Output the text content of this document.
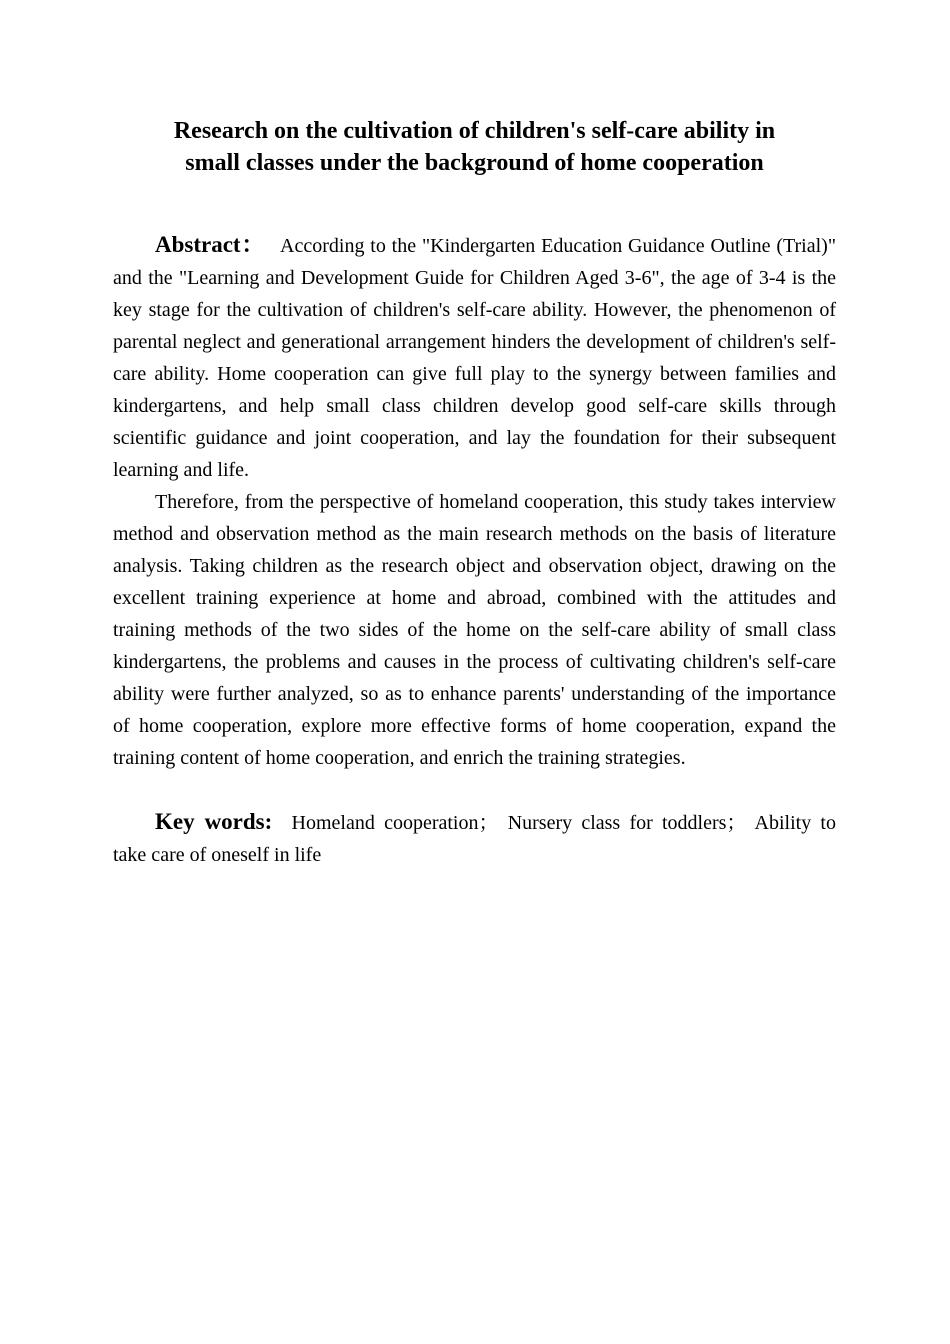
Research on the cultivation of children's self-care ability in
small classes under the background of home cooperation

Abstract： According to the "Kindergarten Education Guidance Outline (Trial)" and the "Learning and Development Guide for Children Aged 3-6", the age of 3-4 is the key stage for the cultivation of children's self-care ability. However, the phenomenon of parental neglect and generational arrangement hinders the development of children's self-care ability. Home cooperation can give full play to the synergy between families and kindergartens, and help small class children develop good self-care skills through scientific guidance and joint cooperation, and lay the foundation for their subsequent learning and life.

Therefore, from the perspective of homeland cooperation, this study takes interview method and observation method as the main research methods on the basis of literature analysis. Taking children as the research object and observation object, drawing on the excellent training experience at home and abroad, combined with the attitudes and training methods of the two sides of the home on the self-care ability of small class kindergartens, the problems and causes in the process of cultivating children's self-care ability were further analyzed, so as to enhance parents' understanding of the importance of home cooperation, explore more effective forms of home cooperation, expand the training content of home cooperation, and enrich the training strategies.

Key words: Homeland cooperation； Nursery class for toddlers； Ability to take care of oneself in life
